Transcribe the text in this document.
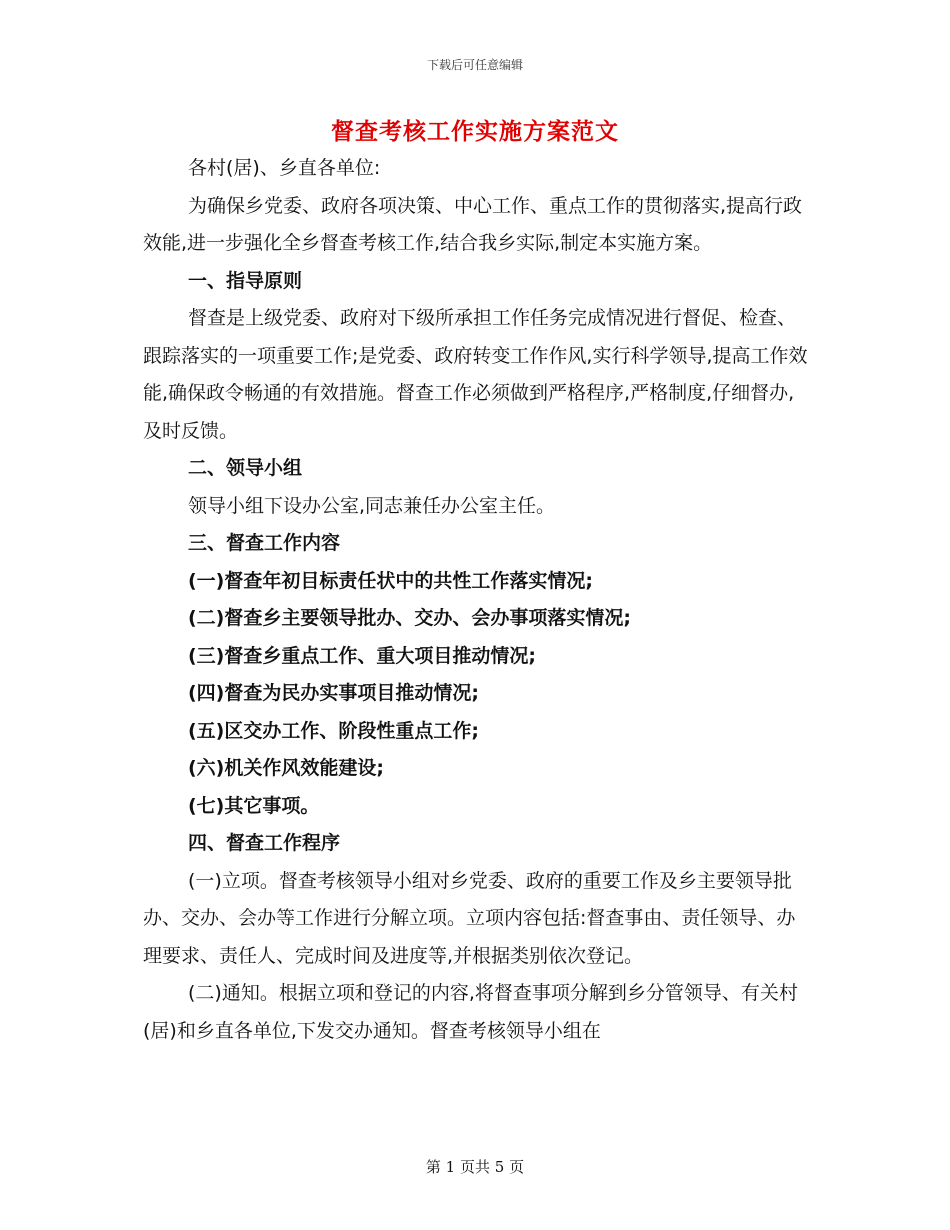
下载后可任意编辑
督查考核工作实施方案范文

各村(居)、乡直各单位:

为确保乡党委、政府各项决策、中心工作、重点工作的贯彻落实,提高行政效能,进一步强化全乡督查考核工作,结合我乡实际,制定本实施方案。

一、指导原则

督查是上级党委、政府对下级所承担工作任务完成情况进行督促、检查、跟踪落实的一项重要工作;是党委、政府转变工作作风,实行科学领导,提高工作效能,确保政令畅通的有效措施。督查工作必须做到严格程序,严格制度,仔细督办,及时反馈。

二、领导小组

领导小组下设办公室,同志兼任办公室主任。

三、督查工作内容

(一)督查年初目标责任状中的共性工作落实情况;

(二)督查乡主要领导批办、交办、会办事项落实情况;

(三)督查乡重点工作、重大项目推动情况;

(四)督查为民办实事项目推动情况;

(五)区交办工作、阶段性重点工作;

(六)机关作风效能建设;

(七)其它事项。

四、督查工作程序

(一)立项。督查考核领导小组对乡党委、政府的重要工作及乡主要领导批办、交办、会办等工作进行分解立项。立项内容包括:督查事由、责任领导、办理要求、责任人、完成时间及进度等,并根据类别依次登记。

(二)通知。根据立项和登记的内容,将督查事项分解到乡分管领导、有关村(居)和乡直各单位,下发交办通知。督查考核领导小组在

第 1 页共 5 页
